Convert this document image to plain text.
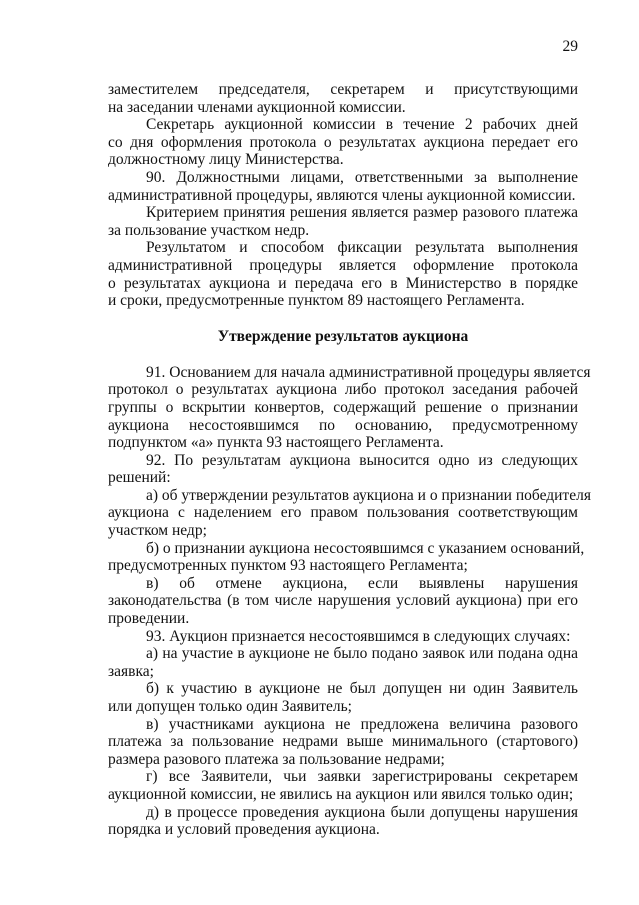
29
заместителем председателя, секретарем и присутствующими
на заседании членами аукционной комиссии.
Секретарь аукционной комиссии в течение 2 рабочих дней
со дня оформления протокола о результатах аукциона передает его
должностному лицу Министерства.
90. Должностными лицами, ответственными за выполнение
административной процедуры, являются члены аукционной комиссии.
Критерием принятия решения является размер разового платежа
за пользование участком недр.
Результатом и способом фиксации результата выполнения
административной процедуры является оформление протокола
о результатах аукциона и передача его в Министерство в порядке
и сроки, предусмотренные пунктом 89 настоящего Регламента.
Утверждение результатов аукциона
91. Основанием для начала административной процедуры является
протокол о результатах аукциона либо протокол заседания рабочей
группы о вскрытии конвертов, содержащий решение о признании
аукциона несостоявшимся по основанию, предусмотренному
подпунктом «а» пункта 93 настоящего Регламента.
92. По результатам аукциона выносится одно из следующих
решений:
а) об утверждении результатов аукциона и о признании победителя
аукциона с наделением его правом пользования соответствующим
участком недр;
б) о признании аукциона несостоявшимся с указанием оснований,
предусмотренных пунктом 93 настоящего Регламента;
в) об отмене аукциона, если выявлены нарушения
законодательства (в том числе нарушения условий аукциона) при его
проведении.
93. Аукцион признается несостоявшимся в следующих случаях:
а) на участие в аукционе не было подано заявок или подана одна
заявка;
б) к участию в аукционе не был допущен ни один Заявитель
или допущен только один Заявитель;
в) участниками аукциона не предложена величина разового
платежа за пользование недрами выше минимального (стартового)
размера разового платежа за пользование недрами;
г) все Заявители, чьи заявки зарегистрированы секретарем
аукционной комиссии, не явились на аукцион или явился только один;
д) в процессе проведения аукциона были допущены нарушения
порядка и условий проведения аукциона.
